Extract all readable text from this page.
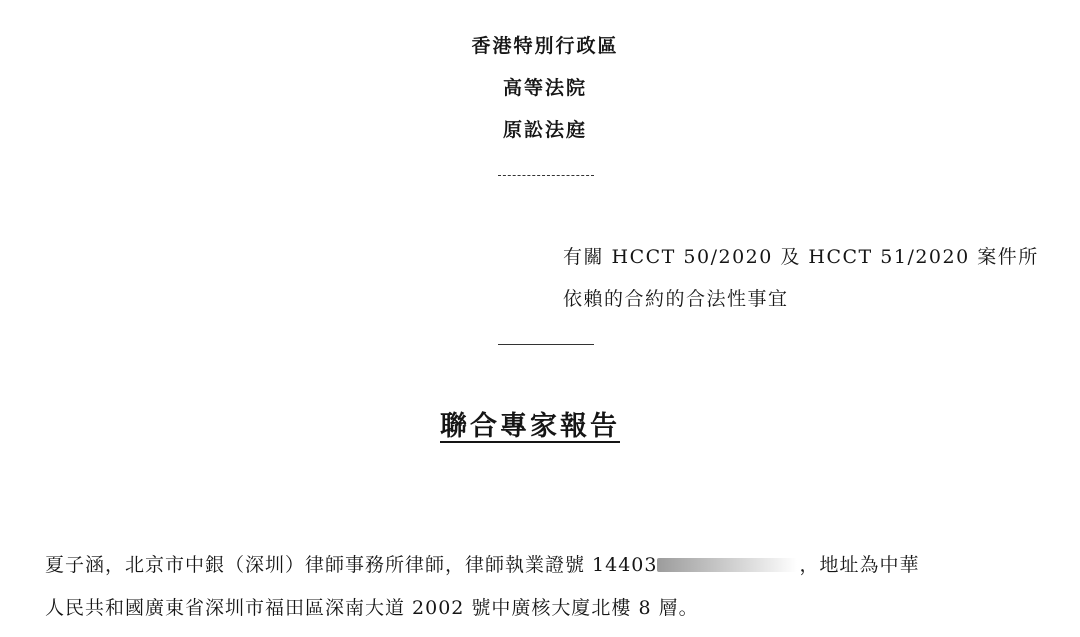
香港特別行政區
高等法院
原訟法庭
有關 HCCT 50/2020 及 HCCT 51/2020 案件所
依賴的合約的合法性事宜
聯合專家報告
夏子涵，北京市中銀（深圳）律師事務所律師，律師執業證號 14403	，地址為中華
人民共和國廣東省深圳市福田區深南大道 2002 號中廣核大廈北樓 8 層。
